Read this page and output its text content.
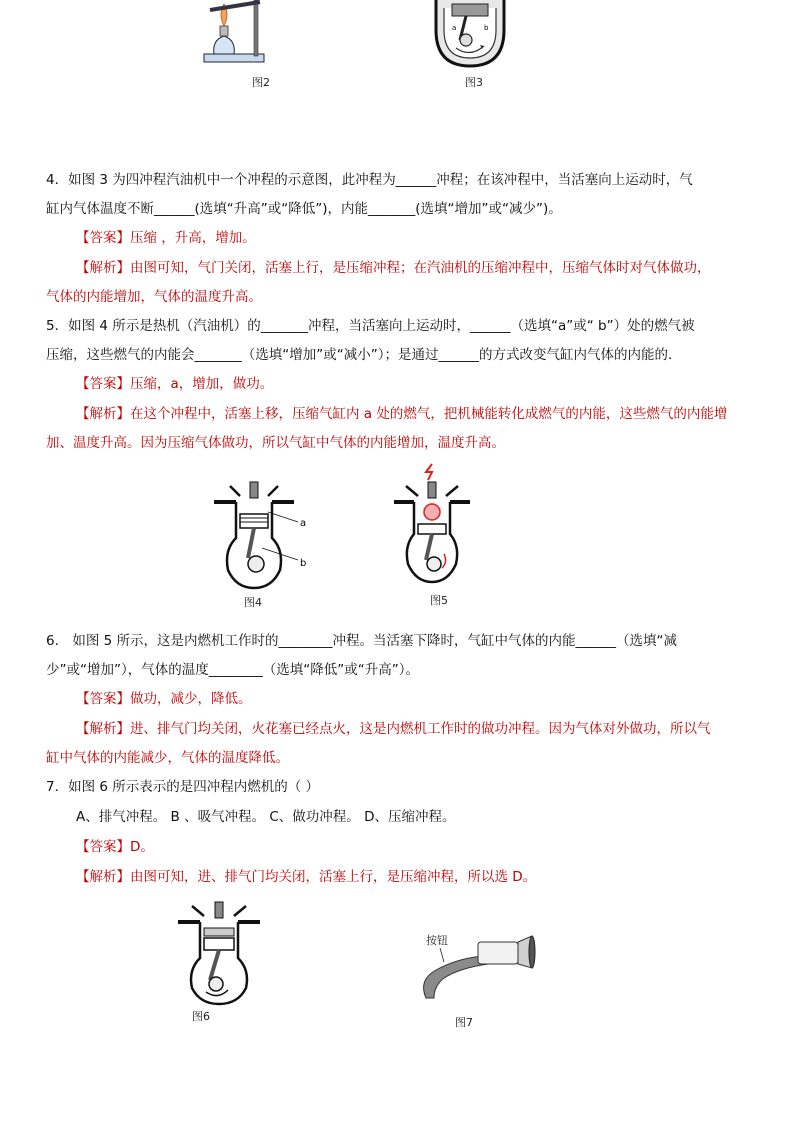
图2
a	b
图3
4．如图 3 为四冲程汽油机中一个冲程的示意图，此冲程为______冲程；在该冲程中，当活塞向上运动时，气
缸内气体温度不断______(选填“升高”或“降低”)，内能_______(选填“增加”或“减少”)。
【答案】压缩 ，升高，增加。
【解析】由图可知，气门关闭，活塞上行，是压缩冲程；在汽油机的压缩冲程中，压缩气体时对气体做功，
气体的内能增加，气体的温度升高。
5．如图 4 所示是热机（汽油机）的_______冲程，当活塞向上运动时，______（选填“a”或“ b”）处的燃气被
压缩，这些燃气的内能会_______（选填“增加”或“减小”）；是通过______的方式改变气缸内气体的内能的．
【答案】压缩，a，增加，做功。
【解析】在这个冲程中，活塞上移，压缩气缸内 a 处的燃气，把机械能转化成燃气的内能，这些燃气的内能增
加、温度升高。因为压缩气体做功，所以气缸中气体的内能增加，温度升高。
a
b
图4	图5
6． 如图 5 所示，这是内燃机工作时的________冲程。当活塞下降时，气缸中气体的内能______（选填“减
少”或“增加”），气体的温度________（选填“降低”或“升高”）。
【答案】做功，减少，降低。
【解析】进、排气门均关闭，火花塞已经点火，这是内燃机工作时的做功冲程。因为气体对外做功，所以气
缸中气体的内能减少，气体的温度降低。
7．如图 6 所示表示的是四冲程内燃机的（ ）
A、排气冲程。 B 、吸气冲程。 C、做功冲程。 D、压缩冲程。
【答案】D。
【解析】由图可知，进、排气门均关闭，活塞上行，是压缩冲程，所以选 D。
图6
按钮
图7
